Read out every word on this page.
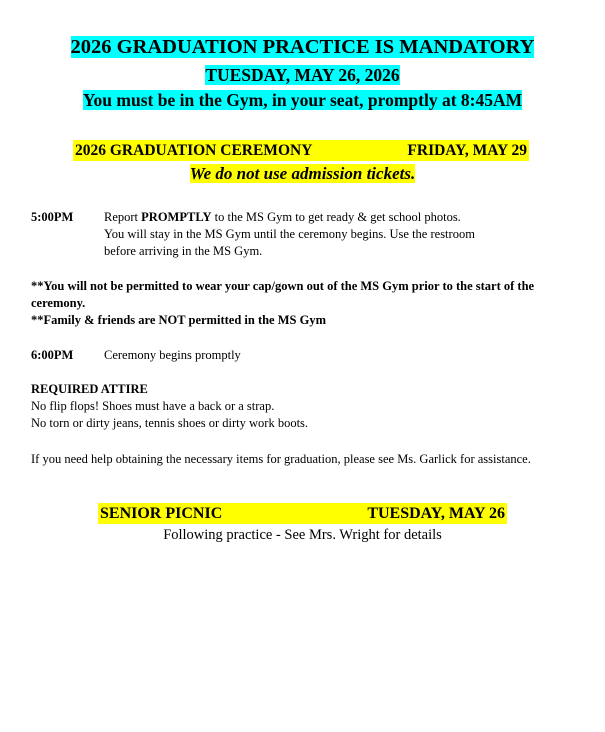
2026 GRADUATION PRACTICE IS MANDATORY
TUESDAY, MAY 26, 2026
You must be in the Gym, in your seat, promptly at 8:45AM
2026 GRADUATION CEREMONY	FRIDAY, MAY 29
We do not use admission tickets.
5:00PM Report PROMPTLY to the MS Gym to get ready & get school photos.
You will stay in the MS Gym until the ceremony begins. Use the restroom
before arriving in the MS Gym.
**You will not be permitted to wear your cap/gown out of the MS Gym prior to the start of the
ceremony.
**Family & friends are NOT permitted in the MS Gym
6:00PM Ceremony begins promptly
REQUIRED ATTIRE
No flip flops! Shoes must have a back or a strap.
No torn or dirty jeans, tennis shoes or dirty work boots.
If you need help obtaining the necessary items for graduation, please see Ms. Garlick for assistance.
SENIOR PICNIC	TUESDAY, MAY 26
Following practice - See Mrs. Wright for details
